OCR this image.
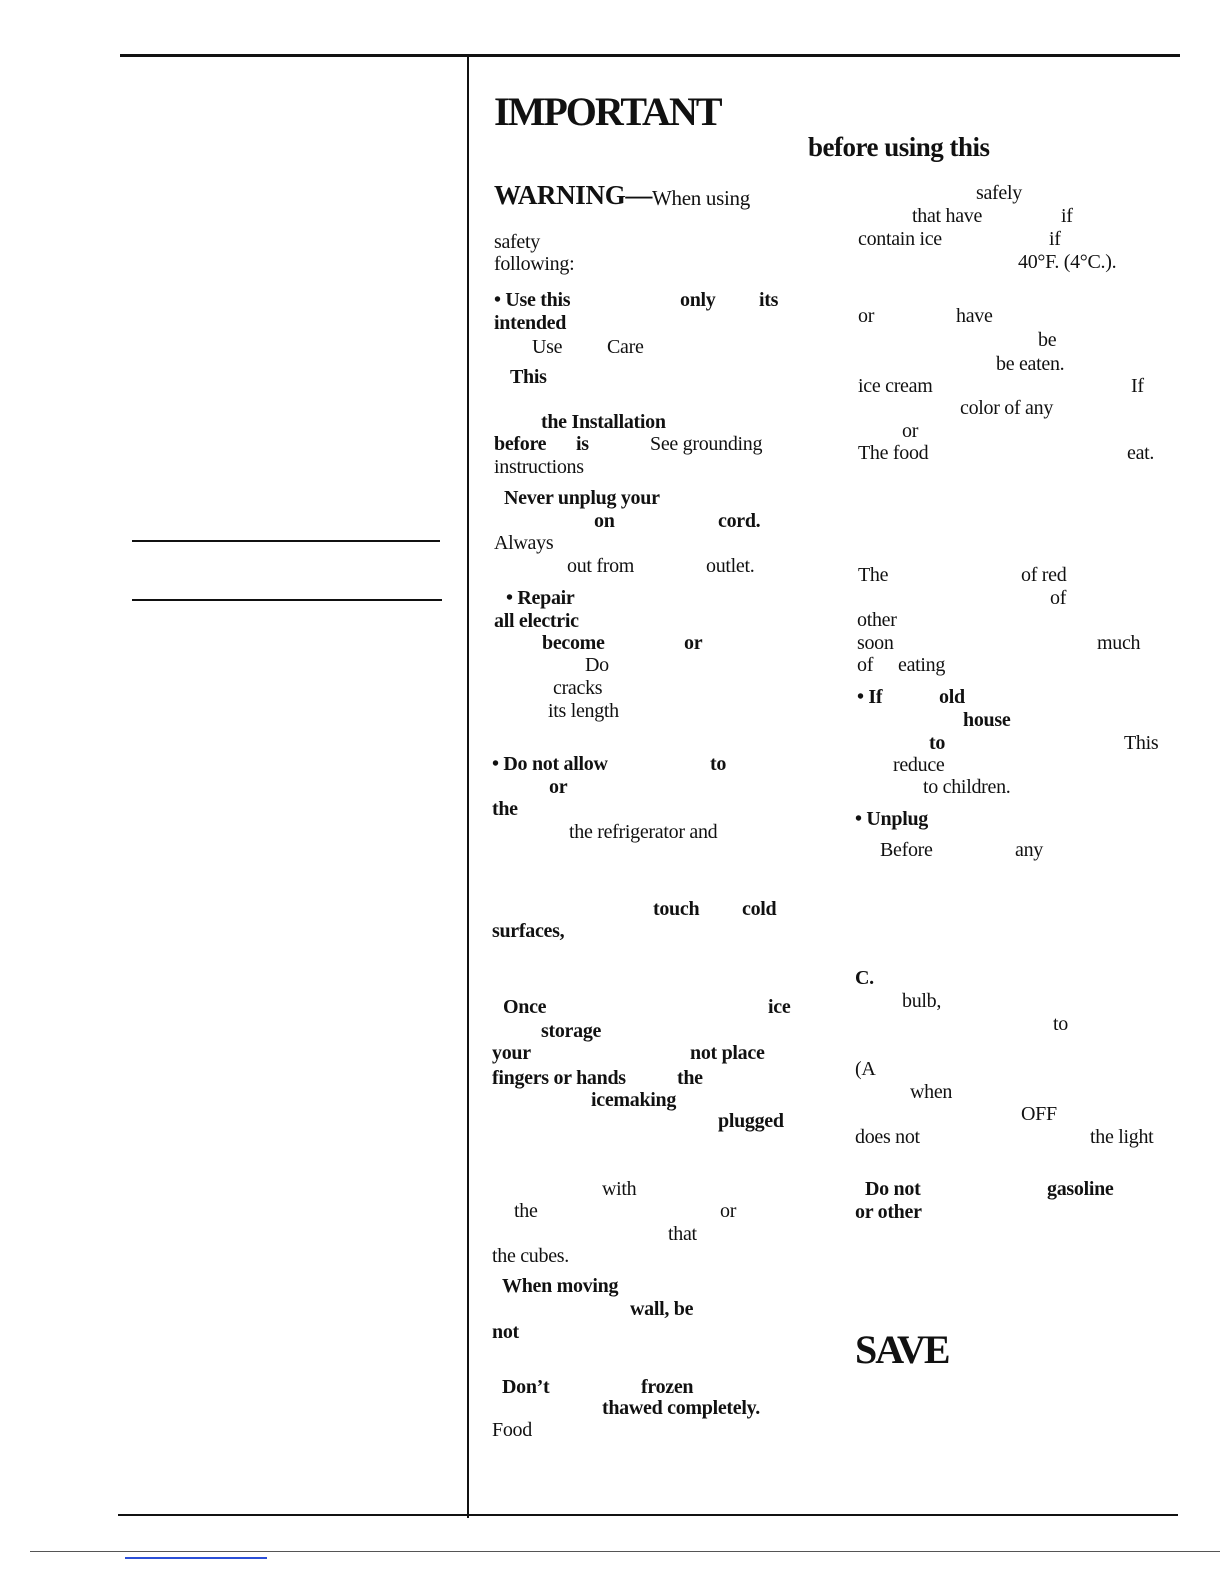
IMPORTANT
before using this
SAVE
WARNING— When using
safety
following:
• Use this	only its
intended
Use Care
This
the Installation
before is	See grounding
instructions
Never unplug your
on	cord.
Always
out from	outlet.
• Repair
all electric
become	or
Do
cracks
its length
• Do not allow	to
or
the
the refrigerator and
touch cold
surfaces,
Once	ice
storage
your	not place
fingers or hands	the
icemaking
plugged
with
the	or
that
the cubes.
When moving
wall, be
not
Don’t	frozen
thawed completely.
Food
safely
that have	if
contain ice	if
40°F. (4°C.).
or	have
be
be eaten.
ice cream	If
color of any
or
The food	eat.
The	of red
of
other
soon	much
of eating
• If	old
house
to	This
reduce
to children.
• Unplug
Before	any
C.
bulb,
to
(A
when
OFF
does not	the light
Do not	gasoline
or other
